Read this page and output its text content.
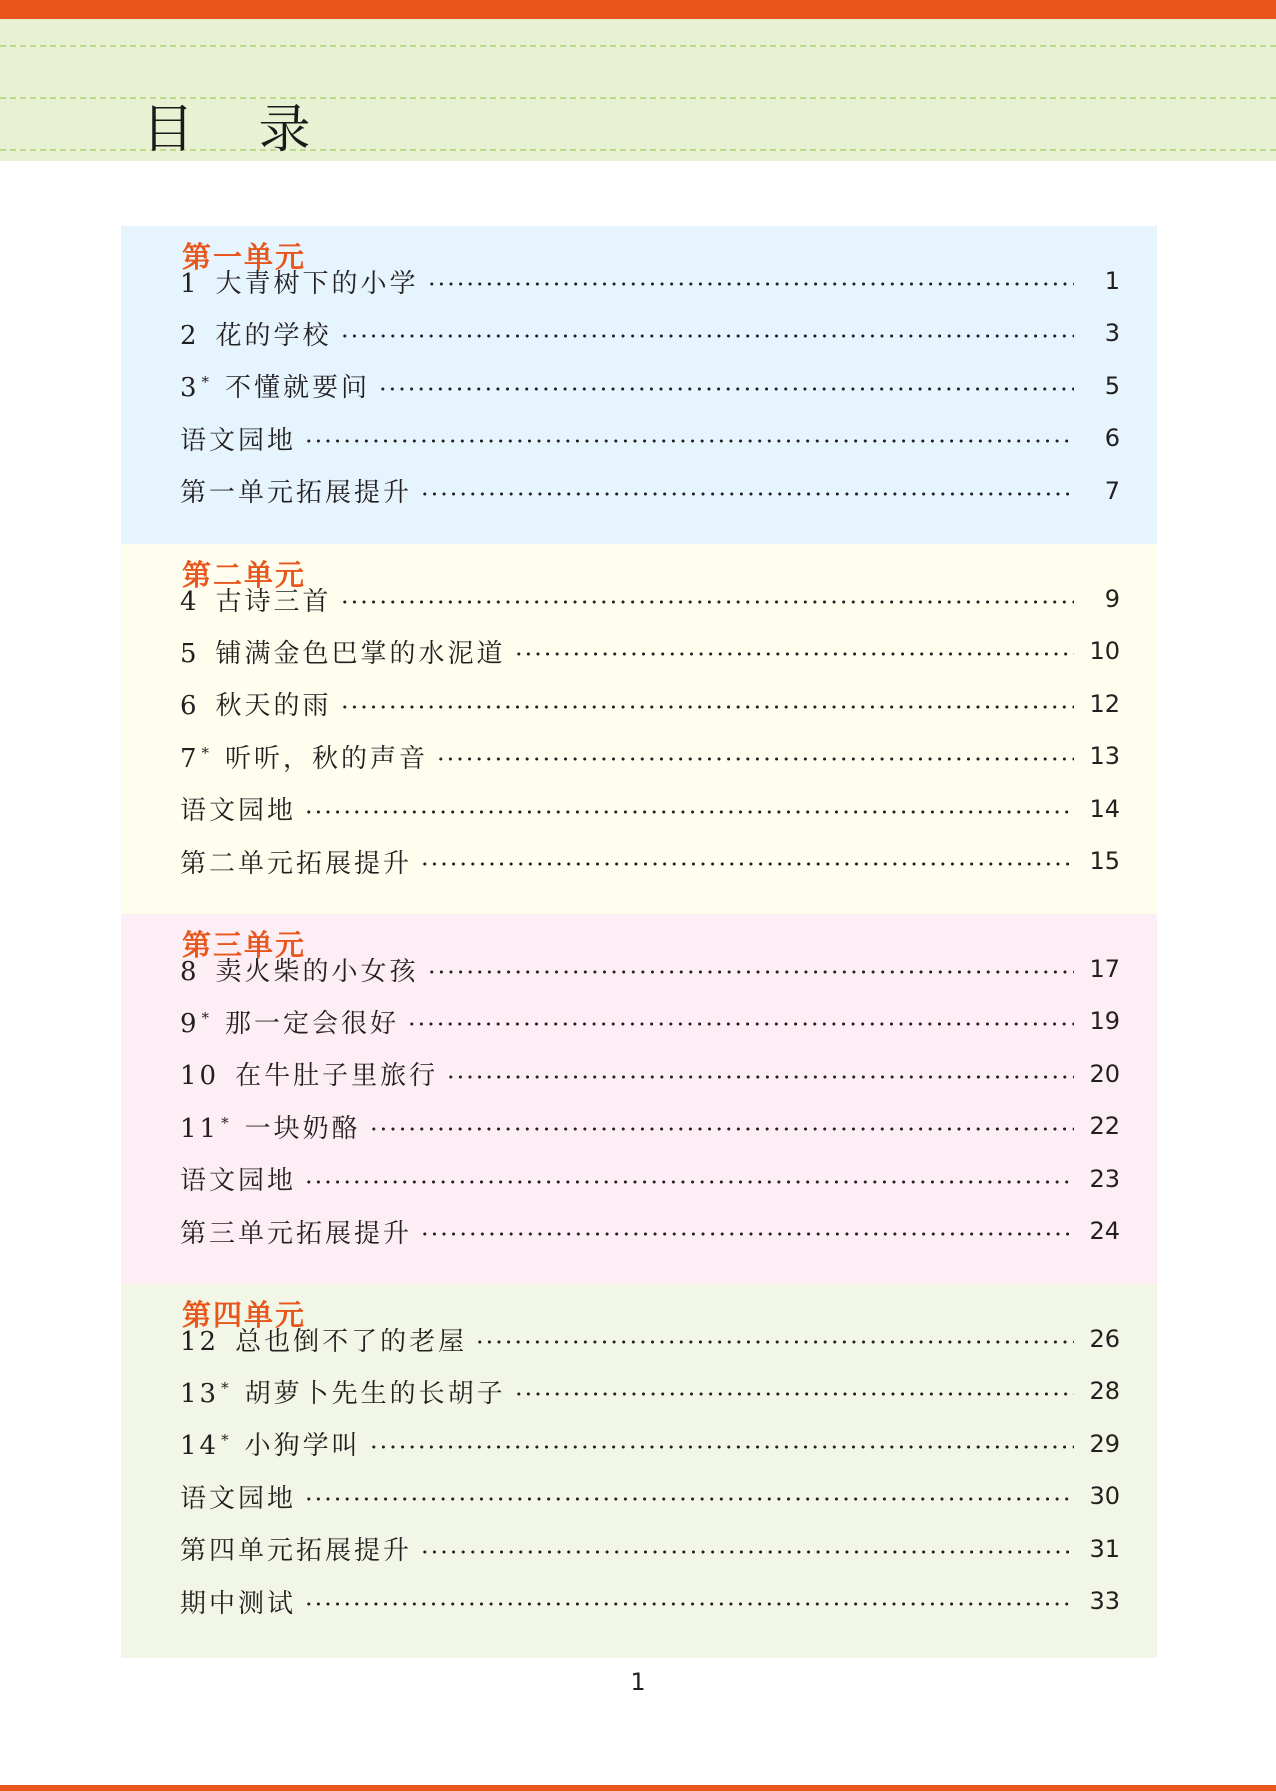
目 录
第一单元
1  大青树下的小学	1
2  花的学校	3
3 *  不懂就要问	5
语文园地	6
第一单元拓展提升	7
第二单元
4  古诗三首	9
5  铺满金色巴掌的水泥道	10
6  秋天的雨	12
7 *  听听，秋的声音	13
语文园地	14
第二单元拓展提升	15
第三单元
8  卖火柴的小女孩	17
9 *  那一定会很好	19
10  在牛肚子里旅行	20
11 *  一块奶酪	22
语文园地	23
第三单元拓展提升	24
第四单元
12  总也倒不了的老屋	26
13 *  胡萝卜先生的长胡子	28
14 *  小狗学叫	29
语文园地	30
第四单元拓展提升	31
期中测试	33
1
